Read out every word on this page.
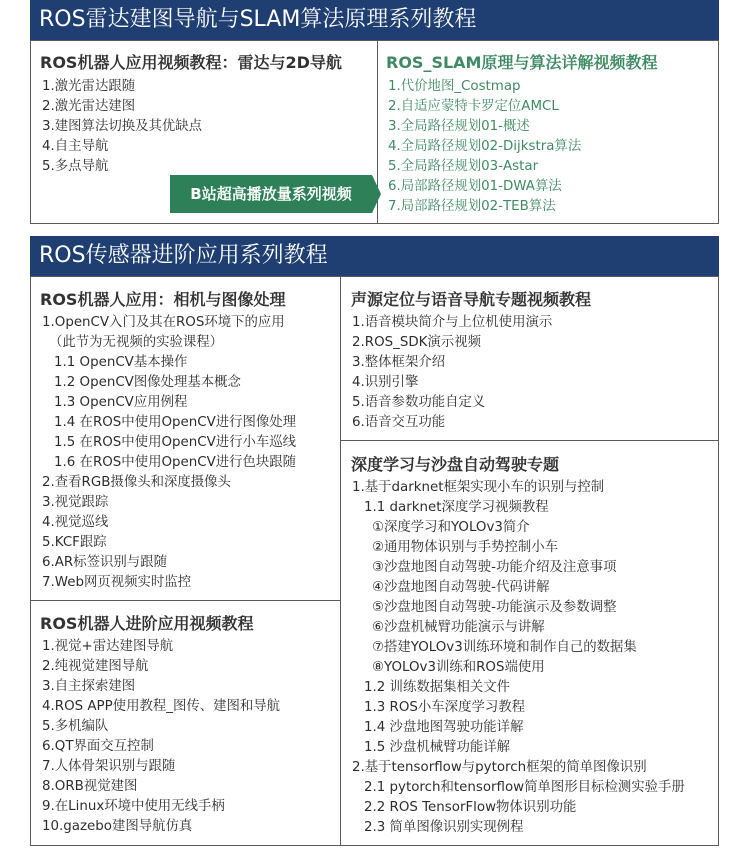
ROS雷达建图导航与SLAM算法原理系列教程
ROS机器人应用视频教程：雷达与2D导航
1.激光雷达跟随
2.激光雷达建图
3.建图算法切换及其优缺点
4.自主导航
5.多点导航
B站超高播放量系列视频
ROS_SLAM原理与算法详解视频教程
1.代价地图_Costmap
2.自适应蒙特卡罗定位AMCL
3.全局路径规划01-概述
4.全局路径规划02-Dijkstra算法
5.全局路径规划03-Astar
6.局部路径规划01-DWA算法
7.局部路径规划02-TEB算法
ROS传感器进阶应用系列教程
ROS机器人应用：相机与图像处理
1.OpenCV入门及其在ROS环境下的应用
（此节为无视频的实验课程）
1.1 OpenCV基本操作
1.2 OpenCV图像处理基本概念
1.3 OpenCV应用例程
1.4 在ROS中使用OpenCV进行图像处理
1.5 在ROS中使用OpenCV进行小车巡线
1.6 在ROS中使用OpenCV进行色块跟随
2.查看RGB摄像头和深度摄像头
3.视觉跟踪
4.视觉巡线
5.KCF跟踪
6.AR标签识别与跟随
7.Web网页视频实时监控
ROS机器人进阶应用视频教程
1.视觉+雷达建图导航
2.纯视觉建图导航
3.自主探索建图
4.ROS APP使用教程_图传、建图和导航
5.多机编队
6.QT界面交互控制
7.人体骨架识别与跟随
8.ORB视觉建图
9.在Linux环境中使用无线手柄
10.gazebo建图导航仿真
声源定位与语音导航专题视频教程
1.语音模块简介与上位机使用演示
2.ROS_SDK演示视频
3.整体框架介绍
4.识别引擎
5.语音参数功能自定义
6.语音交互功能
深度学习与沙盘自动驾驶专题
1.基于darknet框架实现小车的识别与控制
1.1 darknet深度学习视频教程
①深度学习和YOLOv3简介
②通用物体识别与手势控制小车
③沙盘地图自动驾驶-功能介绍及注意事项
④沙盘地图自动驾驶-代码讲解
⑤沙盘地图自动驾驶-功能演示及参数调整
⑥沙盘机械臂功能演示与讲解
⑦搭建YOLOv3训练环境和制作自己的数据集
⑧YOLOv3训练和ROS端使用
1.2 训练数据集相关文件
1.3 ROS小车深度学习教程
1.4 沙盘地图驾驶功能详解
1.5 沙盘机械臂功能详解
2.基于tensorflow与pytorch框架的简单图像识别
2.1 pytorch和tensorflow简单图形目标检测实验手册
2.2 ROS TensorFlow物体识别功能
2.3 简单图像识别实现例程
